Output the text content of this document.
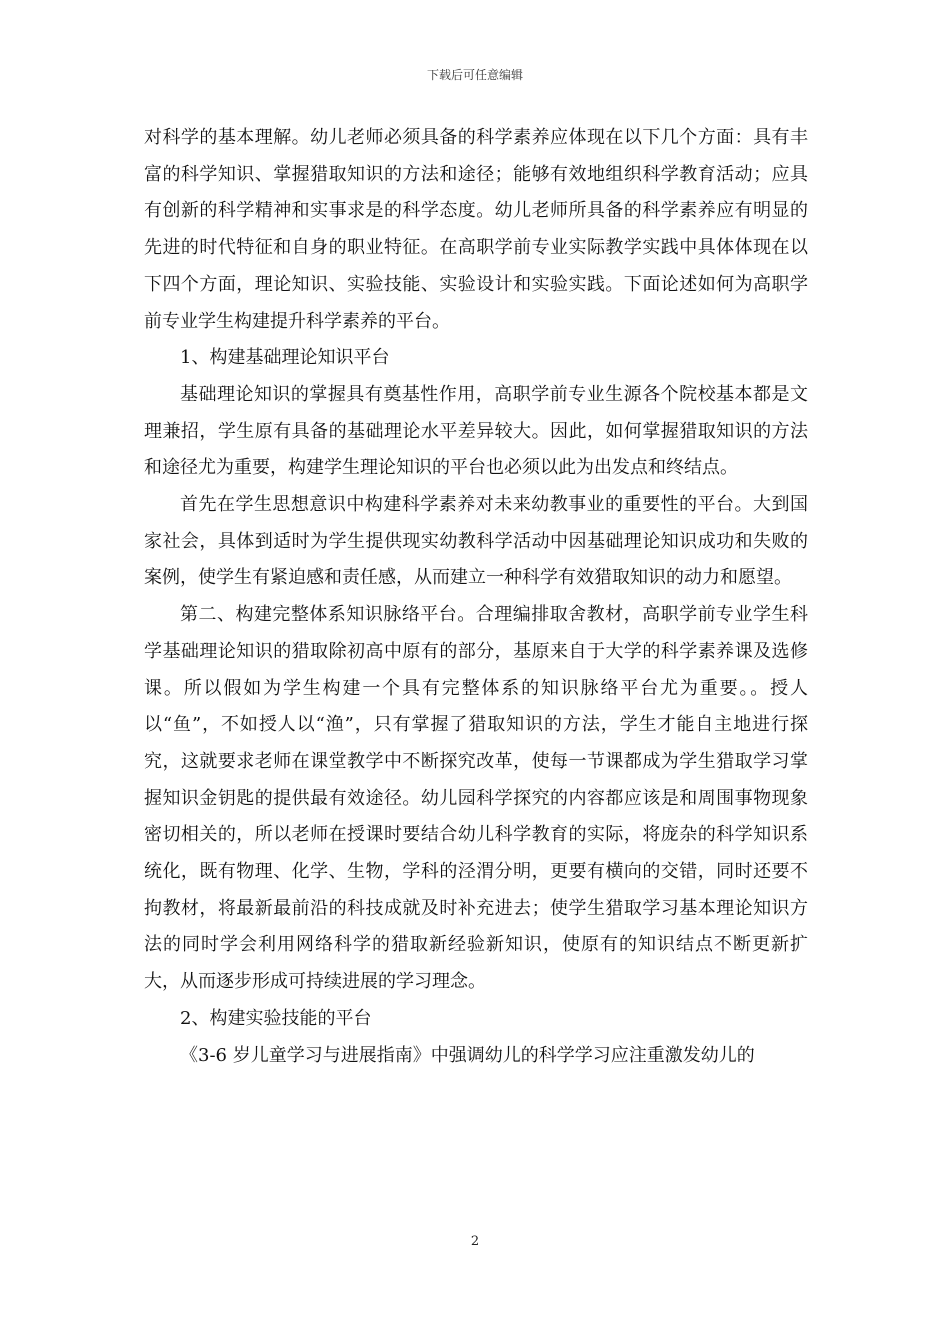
下载后可任意编辑

对科学的基本理解。幼儿老师必须具备的科学素养应体现在以下几个方面：具有丰富的科学知识、掌握猎取知识的方法和途径；能够有效地组织科学教育活动；应具有创新的科学精神和实事求是的科学态度。幼儿老师所具备的科学素养应有明显的先进的时代特征和自身的职业特征。在高职学前专业实际教学实践中具体体现在以下四个方面，理论知识、实验技能、实验设计和实验实践。下面论述如何为高职学前专业学生构建提升科学素养的平台。

1、构建基础理论知识平台

基础理论知识的掌握具有奠基性作用，高职学前专业生源各个院校基本都是文理兼招，学生原有具备的基础理论水平差异较大。因此，如何掌握猎取知识的方法和途径尤为重要，构建学生理论知识的平台也必须以此为出发点和终结点。

首先在学生思想意识中构建科学素养对未来幼教事业的重要性的平台。大到国家社会，具体到适时为学生提供现实幼教科学活动中因基础理论知识成功和失败的案例，使学生有紧迫感和责任感，从而建立一种科学有效猎取知识的动力和愿望。

第二、构建完整体系知识脉络平台。合理编排取舍教材，高职学前专业学生科学基础理论知识的猎取除初高中原有的部分，基原来自于大学的科学素养课及选修课。所以假如为学生构建一个具有完整体系的知识脉络平台尤为重要。。授人以“鱼”，不如授人以“渔”，只有掌握了猎取知识的方法，学生才能自主地进行探究，这就要求老师在课堂教学中不断探究改革，使每一节课都成为学生猎取学习掌握知识金钥匙的提供最有效途径。幼儿园科学探究的内容都应该是和周围事物现象密切相关的，所以老师在授课时要结合幼儿科学教育的实际，将庞杂的科学知识系统化，既有物理、化学、生物，学科的泾渭分明，更要有横向的交错，同时还要不拘教材，将最新最前沿的科技成就及时补充进去；使学生猎取学习基本理论知识方法的同时学会利用网络科学的猎取新经验新知识，使原有的知识结点不断更新扩大，从而逐步形成可持续进展的学习理念。

2、构建实验技能的平台

《3-6 岁儿童学习与进展指南》中强调幼儿的科学学习应注重激发幼儿的

2
